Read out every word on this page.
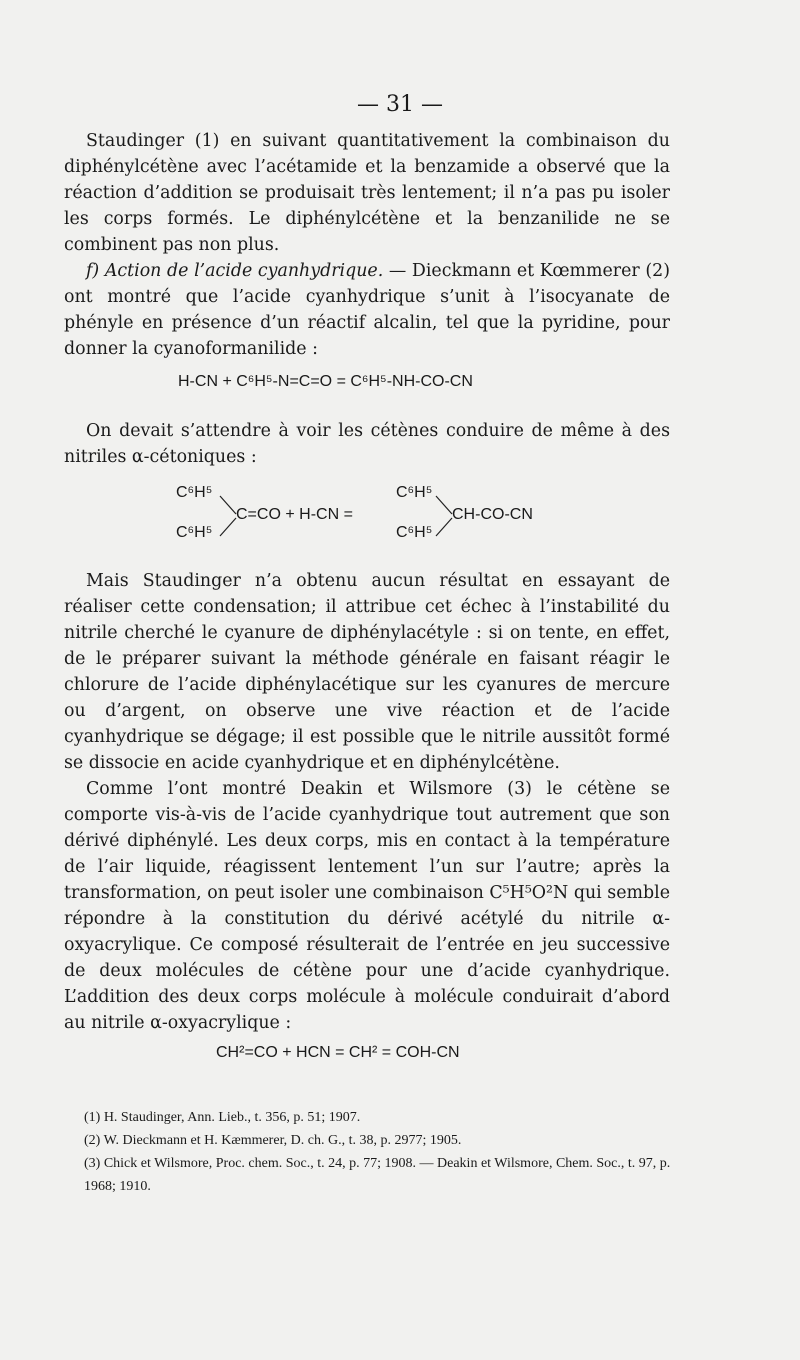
— 31 —

Staudinger (1) en suivant quantitativement la combinaison du diphénylcétène avec l’acétamide et la benzamide a observé que la réaction d’addition se produisait très lentement; il n’a pas pu isoler les corps formés. Le diphénylcétène et la benzanilide ne se combinent pas non plus.

f) Action de l’acide cyanhydrique. — Dieckmann et Kœmmerer (2) ont montré que l’acide cyanhydrique s’unit à l’isocyanate de phényle en présence d’un réactif alcalin, tel que la pyridine, pour donner la cyanoformanilide :

H-CN + C⁶H⁵-N=C=O = C⁶H⁵-NH-CO-CN

On devait s’attendre à voir les cétènes conduire de même à des nitriles α-cétoniques :

C⁶H⁵
C⁶H⁵
C=CO + H-CN =
C⁶H⁵
C⁶H⁵
CH-CO-CN

Mais Staudinger n’a obtenu aucun résultat en essayant de réaliser cette condensation; il attribue cet échec à l’instabilité du nitrile cherché le cyanure de diphénylacétyle : si on tente, en effet, de le préparer suivant la méthode générale en faisant réagir le chlorure de l’acide diphénylacétique sur les cyanures de mercure ou d’argent, on observe une vive réaction et de l’acide cyanhydrique se dégage; il est possible que le nitrile aussitôt formé se dissocie en acide cyanhydrique et en diphénylcétène.

Comme l’ont montré Deakin et Wilsmore (3) le cétène se comporte vis-à-vis de l’acide cyanhydrique tout autrement que son dérivé diphénylé. Les deux corps, mis en contact à la température de l’air liquide, réagissent lentement l’un sur l’autre; après la transformation, on peut isoler une combinaison C⁵H⁵O²N qui semble répondre à la constitution du dérivé acétylé du nitrile α-oxyacrylique. Ce composé résulterait de l’entrée en jeu successive de deux molécules de cétène pour une d’acide cyanhydrique. L’addition des deux corps molécule à molécule conduirait d’abord au nitrile α-oxyacrylique :

CH²=CO + HCN = CH² = COH-CN

(1) H. Staudinger, Ann. Lieb., t. 356, p. 51; 1907.

(2) W. Dieckmann et H. Kæmmerer, D. ch. G., t. 38, p. 2977; 1905.

(3) Chick et Wilsmore, Proc. chem. Soc., t. 24, p. 77; 1908. — Deakin et Wilsmore, Chem. Soc., t. 97, p. 1968; 1910.
